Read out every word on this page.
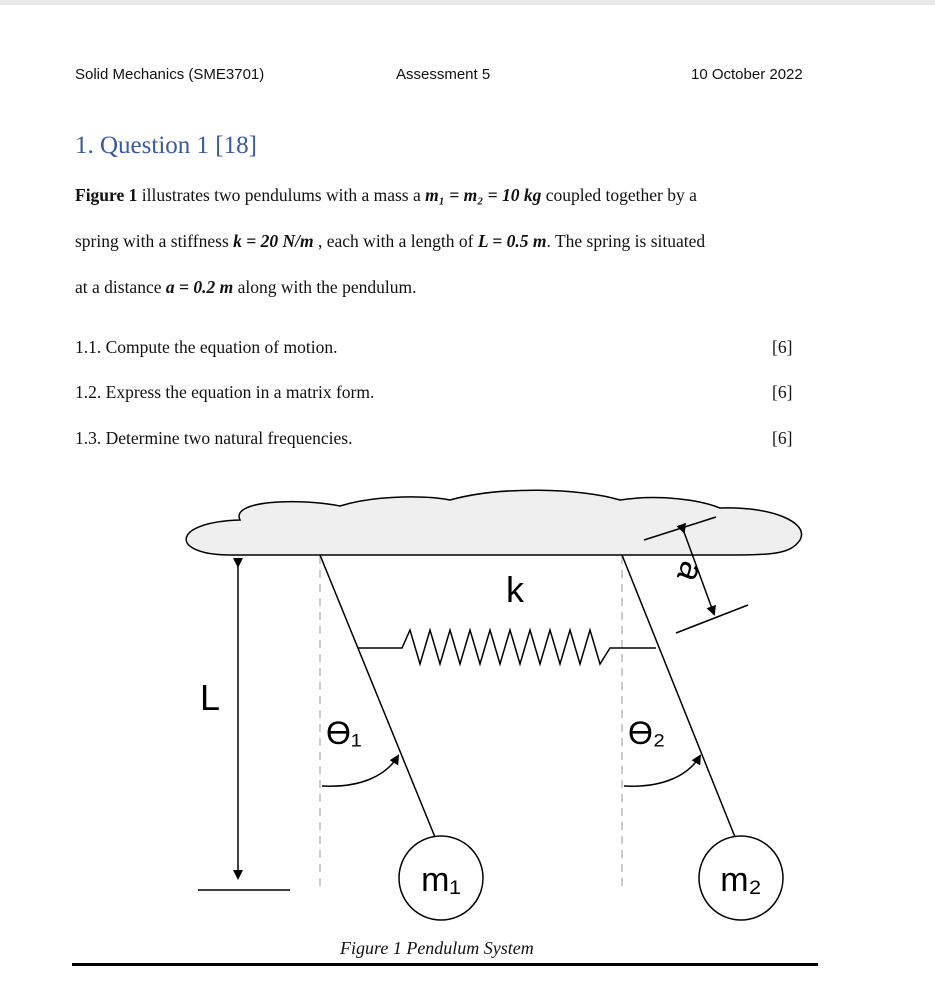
Solid Mechanics (SME3701)	Assessment 5	10 October 2022
1. Question 1 [18]
Figure 1 illustrates two pendulums with a mass a m₁ = m₂ = 10 kg coupled together by a
spring with a stiffness k = 20 N/m , each with a length of L = 0.5 m. The spring is situated
at a distance a = 0.2 m along with the pendulum.
1.1. Compute the equation of motion.	[6]
1.2. Express the equation in a matrix form.	[6]
1.3. Determine two natural frequencies.	[6]
L
k	a
ϴ₁	ϴ₂
m₁	m₂
Figure 1 Pendulum System
